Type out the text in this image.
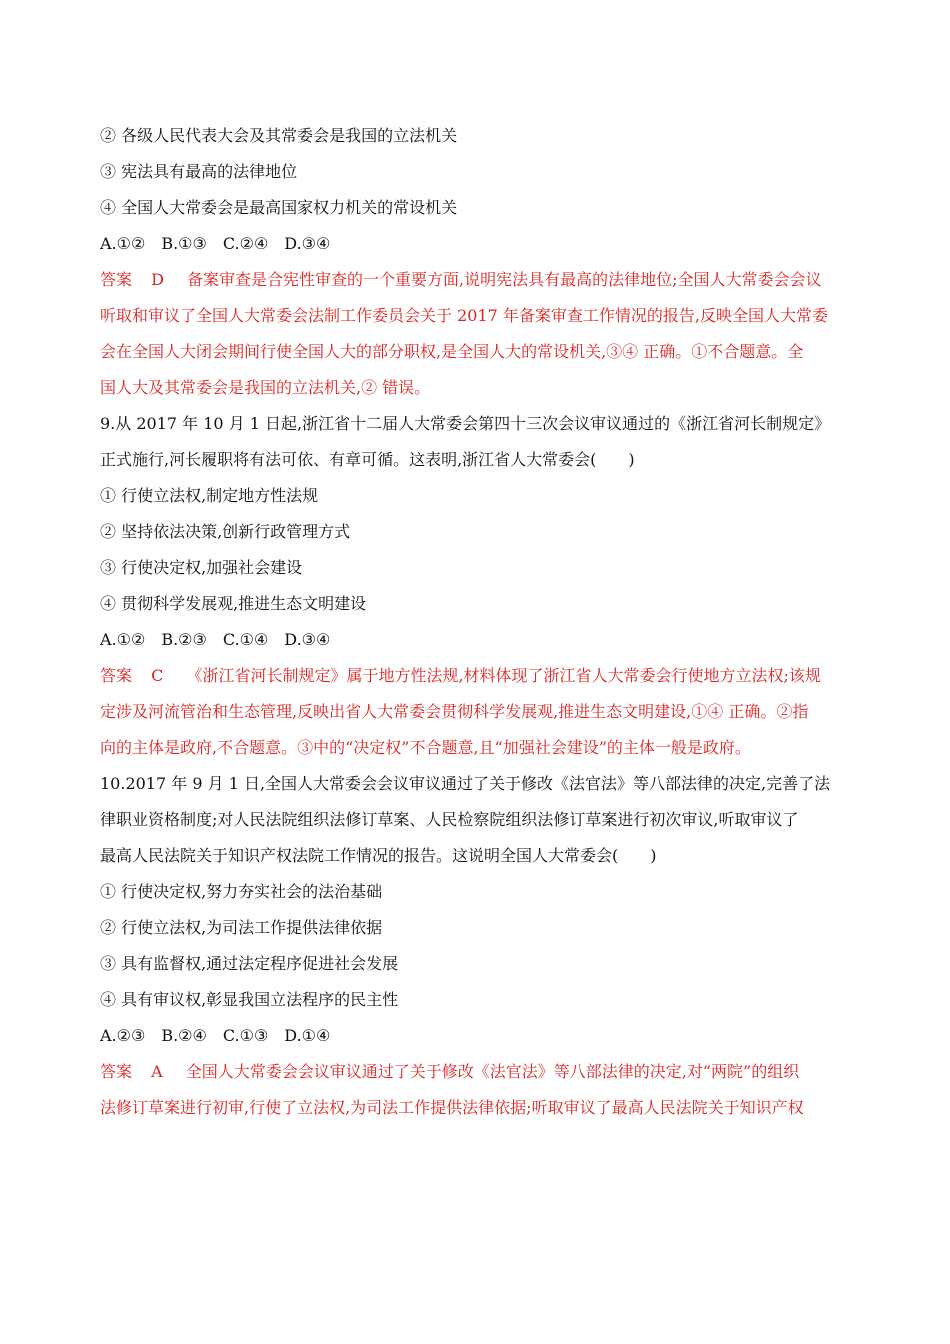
② 各级人民代表大会及其常委会是我国的立法机关
③ 宪法具有最高的法律地位
④ 全国人大常委会是最高国家权力机关的常设机关
A.①②　B.①③　C.②④　D.③④
答案 D 备案审查是合宪性审查的一个重要方面,说明宪法具有最高的法律地位;全国人大常委会会议
听取和审议了全国人大常委会法制工作委员会关于 2017 年备案审查工作情况的报告,反映全国人大常委
会在全国人大闭会期间行使全国人大的部分职权,是全国人大的常设机关,③④ 正确。①不合题意。全
国人大及其常委会是我国的立法机关,② 错误。
9.从 2017 年 10 月 1 日起,浙江省十二届人大常委会第四十三次会议审议通过的《浙江省河长制规定》
正式施行,河长履职将有法可依、有章可循。这表明,浙江省人大常委会(　　)
① 行使立法权,制定地方性法规
② 坚持依法决策,创新行政管理方式
③ 行使决定权,加强社会建设
④ 贯彻科学发展观,推进生态文明建设
A.①②　B.②③　C.①④　D.③④
答案 C 《浙江省河长制规定》属于地方性法规,材料体现了浙江省人大常委会行使地方立法权;该规
定涉及河流管治和生态管理,反映出省人大常委会贯彻科学发展观,推进生态文明建设,①④ 正确。②指
向的主体是政府,不合题意。③中的“决定权”不合题意,且“加强社会建设”的主体一般是政府。
10.2017 年 9 月 1 日,全国人大常委会会议审议通过了关于修改《法官法》等八部法律的决定,完善了法
律职业资格制度;对人民法院组织法修订草案、人民检察院组织法修订草案进行初次审议,听取审议了
最高人民法院关于知识产权法院工作情况的报告。这说明全国人大常委会(　　)
① 行使决定权,努力夯实社会的法治基础
② 行使立法权,为司法工作提供法律依据
③ 具有监督权,通过法定程序促进社会发展
④ 具有审议权,彰显我国立法程序的民主性
A.②③　B.②④　C.①③　D.①④
答案 A 全国人大常委会会议审议通过了关于修改《法官法》等八部法律的决定,对“两院”的组织
法修订草案进行初审,行使了立法权,为司法工作提供法律依据;听取审议了最高人民法院关于知识产权
